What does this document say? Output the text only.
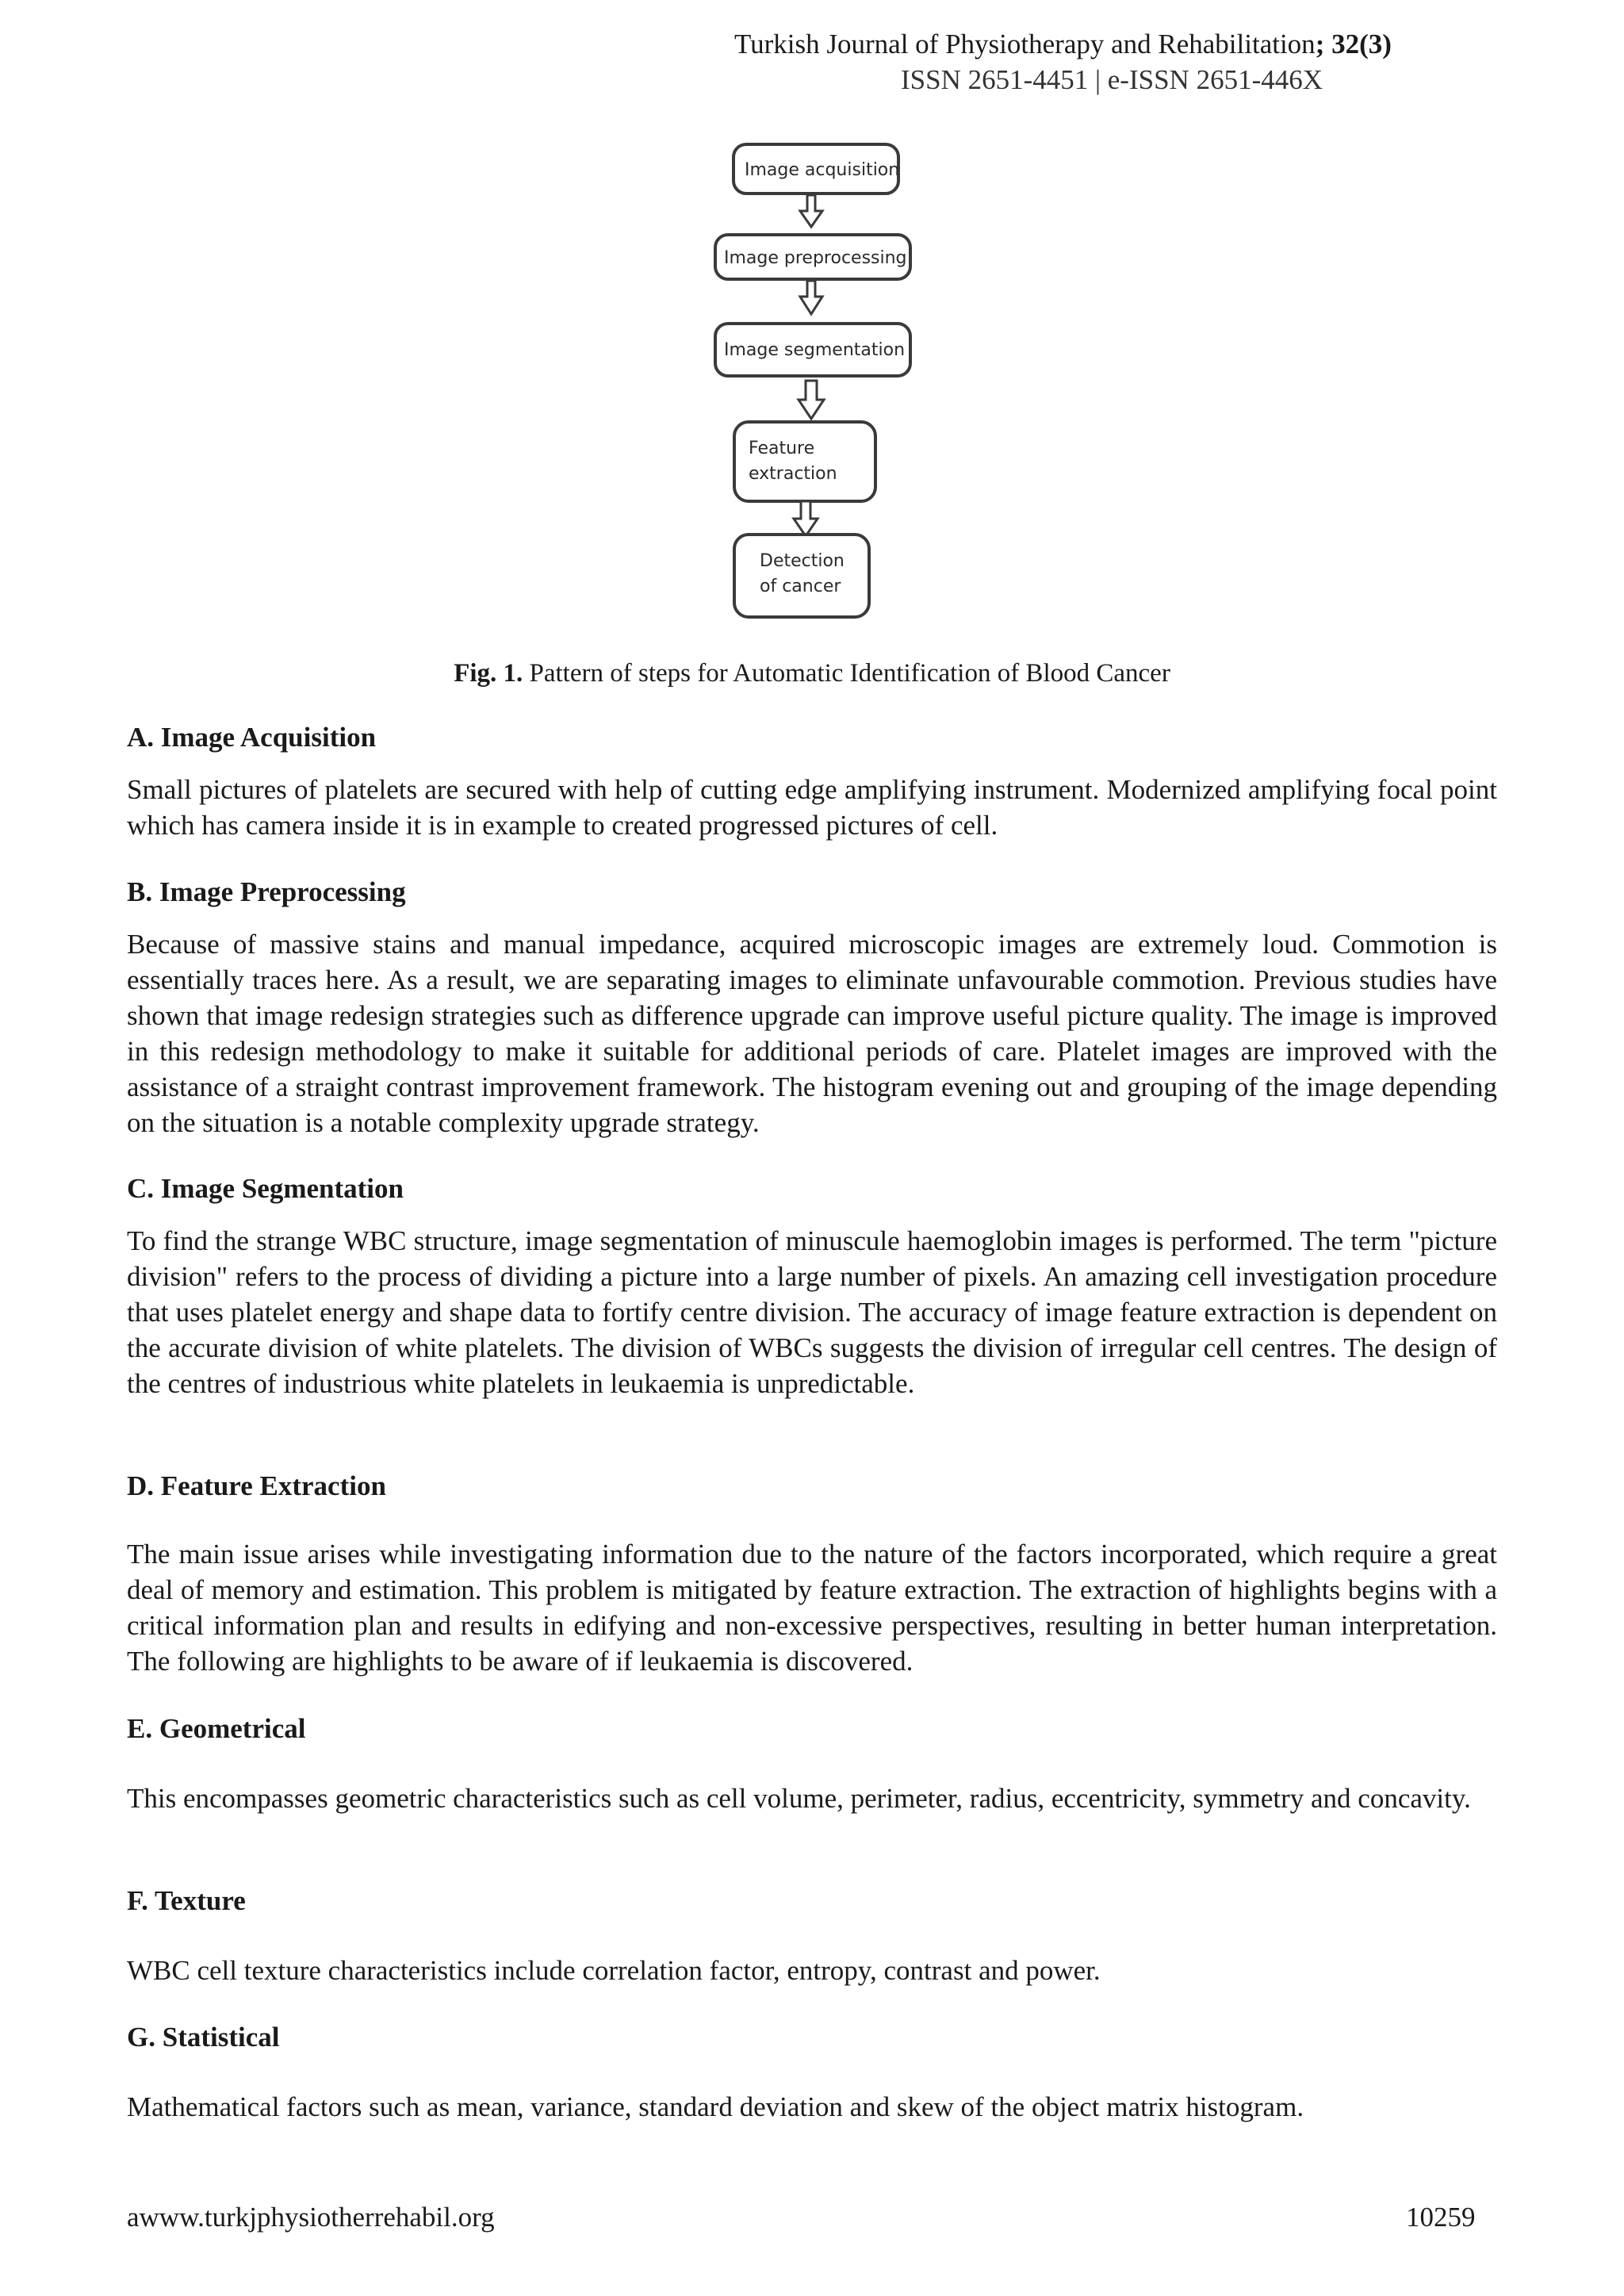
Turkish Journal of Physiotherapy and Rehabilitation; 32(3)
ISSN 2651-4451 | e-ISSN 2651-446X
Image acquisition
Image preprocessing
Image segmentation
Feature
extraction
Detection
of cancer
Fig. 1. Pattern of steps for Automatic Identification of Blood Cancer
A. Image Acquisition
Small pictures of platelets are secured with help of cutting edge amplifying instrument. Modernized amplifying focal point which has camera inside it is in example to created progressed pictures of cell.
B. Image Preprocessing
Because of massive stains and manual impedance, acquired microscopic images are extremely loud. Commotion is essentially traces here. As a result, we are separating images to eliminate unfavourable commotion. Previous studies have shown that image redesign strategies such as difference upgrade can improve useful picture quality. The image is improved in this redesign methodology to make it suitable for additional periods of care. Platelet images are improved with the assistance of a straight contrast improvement framework. The histogram evening out and grouping of the image depending on the situation is a notable complexity upgrade strategy.
C. Image Segmentation
To find the strange WBC structure, image segmentation of minuscule haemoglobin images is performed. The term "picture division" refers to the process of dividing a picture into a large number of pixels. An amazing cell investigation procedure that uses platelet energy and shape data to fortify centre division. The accuracy of image feature extraction is dependent on the accurate division of white platelets. The division of WBCs suggests the division of irregular cell centres. The design of the centres of industrious white platelets in leukaemia is unpredictable.
D. Feature Extraction
The main issue arises while investigating information due to the nature of the factors incorporated, which require a great deal of memory and estimation. This problem is mitigated by feature extraction. The extraction of highlights begins with a critical information plan and results in edifying and non-excessive perspectives, resulting in better human interpretation. The following are highlights to be aware of if leukaemia is discovered.
E. Geometrical
This encompasses geometric characteristics such as cell volume, perimeter, radius, eccentricity, symmetry and concavity.
F. Texture
WBC cell texture characteristics include correlation factor, entropy, contrast and power.
G. Statistical
Mathematical factors such as mean, variance, standard deviation and skew of the object matrix histogram.
awww.turkjphysiotherrehabil.org	10259
